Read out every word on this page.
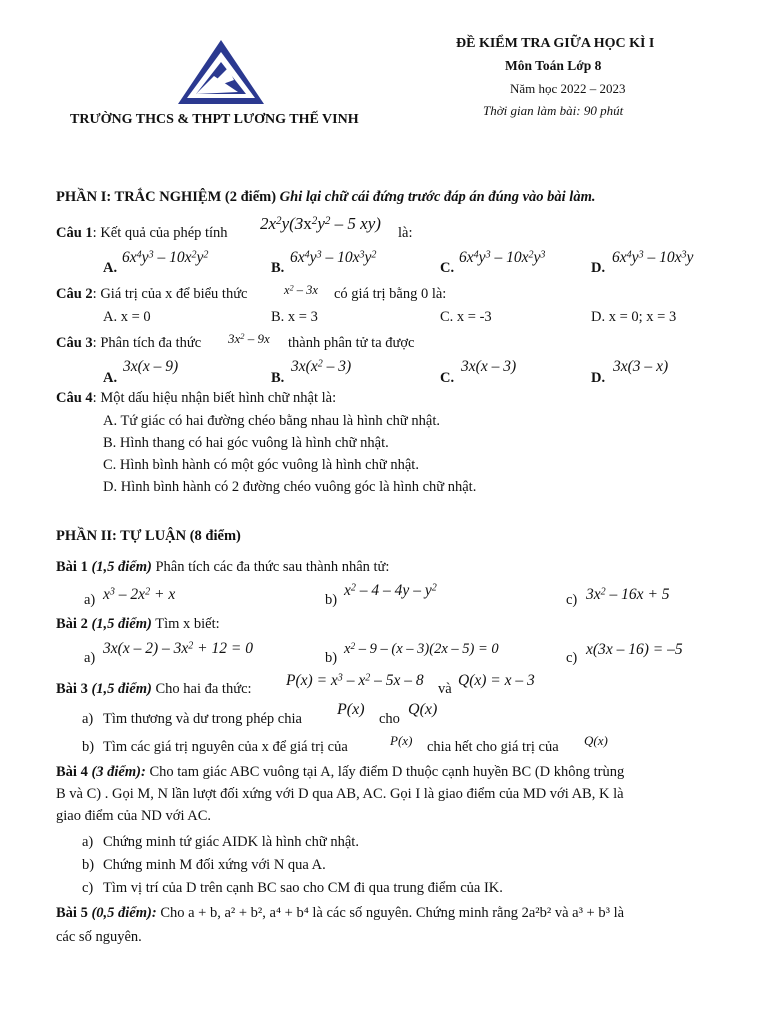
TRƯỜNG THCS & THPT LƯƠNG THẾ VINH
ĐỀ KIỂM TRA GIỮA HỌC KÌ I
Môn Toán Lớp 8
Năm học 2022 – 2023
Thời gian làm bài: 90 phút
PHẦN I: TRẮC NGHIỆM (2 điểm) Ghi lại chữ cái đứng trước đáp án đúng vào bài làm.
Câu 1: Kết quả của phép tính $2x^2y(3x^2y^2 - 5$ xy) là:
A.
$6x^4y^3 - 10x^2y^2$
B.
$6x^4y^3 - 10x^3y^2$
C.
$6x^4y^3 - 10x^2y^3$
D.
$6x^4y^3 - 10x^3y$
Câu 2: Giá trị của x để biểu thức	$x^2 - 3x$ có giá trị bằng 0 là:
A. x = 0	B. x = 3	C. x = -3	D. x = 0; x = 3
Câu 3: Phân tích đa thức $3x^2 - 9x$ thành phân tử ta được
A.
3x(x – 9)
B.
$3x(x^2 - 3)$
C.
3x(x – 3)
D.
3x(3 – x)
Câu 4: Một dấu hiệu nhận biết hình chữ nhật là:
A. Tứ giác có hai đường chéo bằng nhau là hình chữ nhật.
B. Hình thang có hai góc vuông là hình chữ nhật.
C. Hình bình hành có một góc vuông là hình chữ nhật.
D. Hình bình hành có 2 đường chéo vuông góc là hình chữ nhật.
PHẦN II: TỰ LUẬN (8 điểm)
Bài 1 (1,5 điểm) Phân tích các đa thức sau thành nhân tử:
a) $x^3 - 2x^2 + x$	b)
$x^2 - 4 - 4y - y^2$
c) $3x^2 - 16x + 5$
Bài 2 (1,5 điểm) Tìm x biết:
a)
$3x(x - 2) - 3x^2 + 12 = 0$
b)
$x^2 - 9 - (x - 3)(2x - 5) = 0$
c) x(3x – 16) = –5
Bài 3 (1,5 điểm) Cho hai đa thức: $P(x) = x^3 - x^2 - 5x - 8$ và Q(x) = x – 3
a) Tìm thương và dư trong phép chia
P(x)
cho
Q(x)
b) Tìm các giá trị nguyên của x để giá trị của	P(x) chia hết cho giá trị của Q(x)
Bài 4 (3 điểm): Cho tam giác ABC vuông tại A, lấy điểm D thuộc cạnh huyền BC (D không trùng
B và C) . Gọi M, N lần lượt đối xứng với D qua AB, AC. Gọi I là giao điểm của MD với AB, K là
giao điểm của ND với AC.
a) Chứng minh tứ giác AIDK là hình chữ nhật.
b) Chứng minh M đối xứng với N qua A.
c) Tìm vị trí của D trên cạnh BC sao cho CM đi qua trung điểm của IK.
Bài 5 (0,5 điểm): Cho a + b, a² + b², a⁴ + b⁴ là các số nguyên. Chứng minh rằng 2a²b² và a³ + b³ là
các số nguyên.
